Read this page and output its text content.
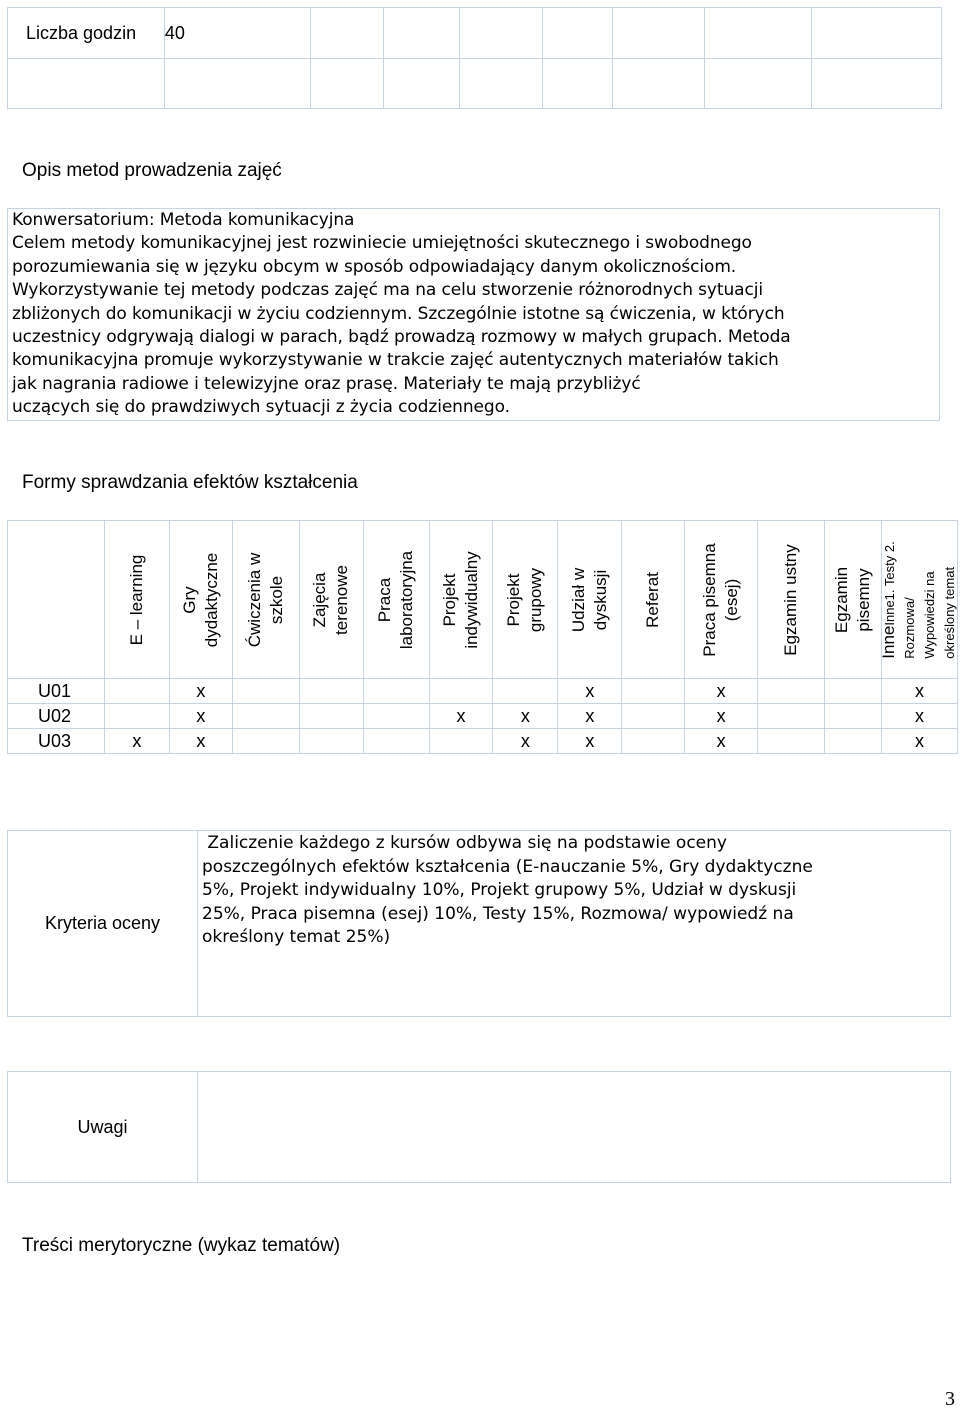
Liczba godzin	40							

Opis metod prowadzenia zajęć

Konwersatorium: Metoda komunikacyjna

Celem metody komunikacyjnej jest rozwiniecie umiejętności skutecznego i swobodnego

porozumiewania się w języku obcym w sposób odpowiadający danym okolicznościom.

Wykorzystywanie tej metody podczas zajęć ma na celu stworzenie różnorodnych sytuacji

zbliżonych do komunikacji w życiu codziennym. Szczególnie istotne są ćwiczenia, w których

uczestnicy odgrywają dialogi w parach, bądź prowadzą rozmowy w małych grupach. Metoda

komunikacyjna promuje wykorzystywanie w trakcie zajęć autentycznych materiałów takich

jak nagrania radiowe i telewizyjne oraz prasę. Materiały te mają przybliżyć

uczących się do prawdziwych sytuacji z życia codziennego.

Formy sprawdzania efektów kształcenia

	E – learning	Gry dydaktyczne	Ćwiczenia w szkole	Zajęcia terenowe	Praca laboratoryjna	Projekt indywidualny	Projekt grupowy	Udział w dyskusji	Referat	Praca pisemna (esej)	Egzamin ustny	Egzamin pisemny	InneInne1. Testy 2.
Rozmowa/ Wypowiedzi na określony temat

U01		x						x		x			x
U02		x				x	x	x		x			x
U03	x	x					x	x		x			x
Kryteria oceny	
Zaliczenie każdego z kursów odbywa się na podstawie oceny
poszczególnych efektów kształcenia (E-nauczanie 5%, Gry dydaktyczne
5%, Projekt indywidualny 10%, Projekt grupowy 5%, Udział w dyskusji
25%, Praca pisemna (esej) 10%, Testy 15%, Rozmowa/ wypowiedź na
określony temat 25%)
Uwagi	
Treści merytoryczne (wykaz tematów)
3
